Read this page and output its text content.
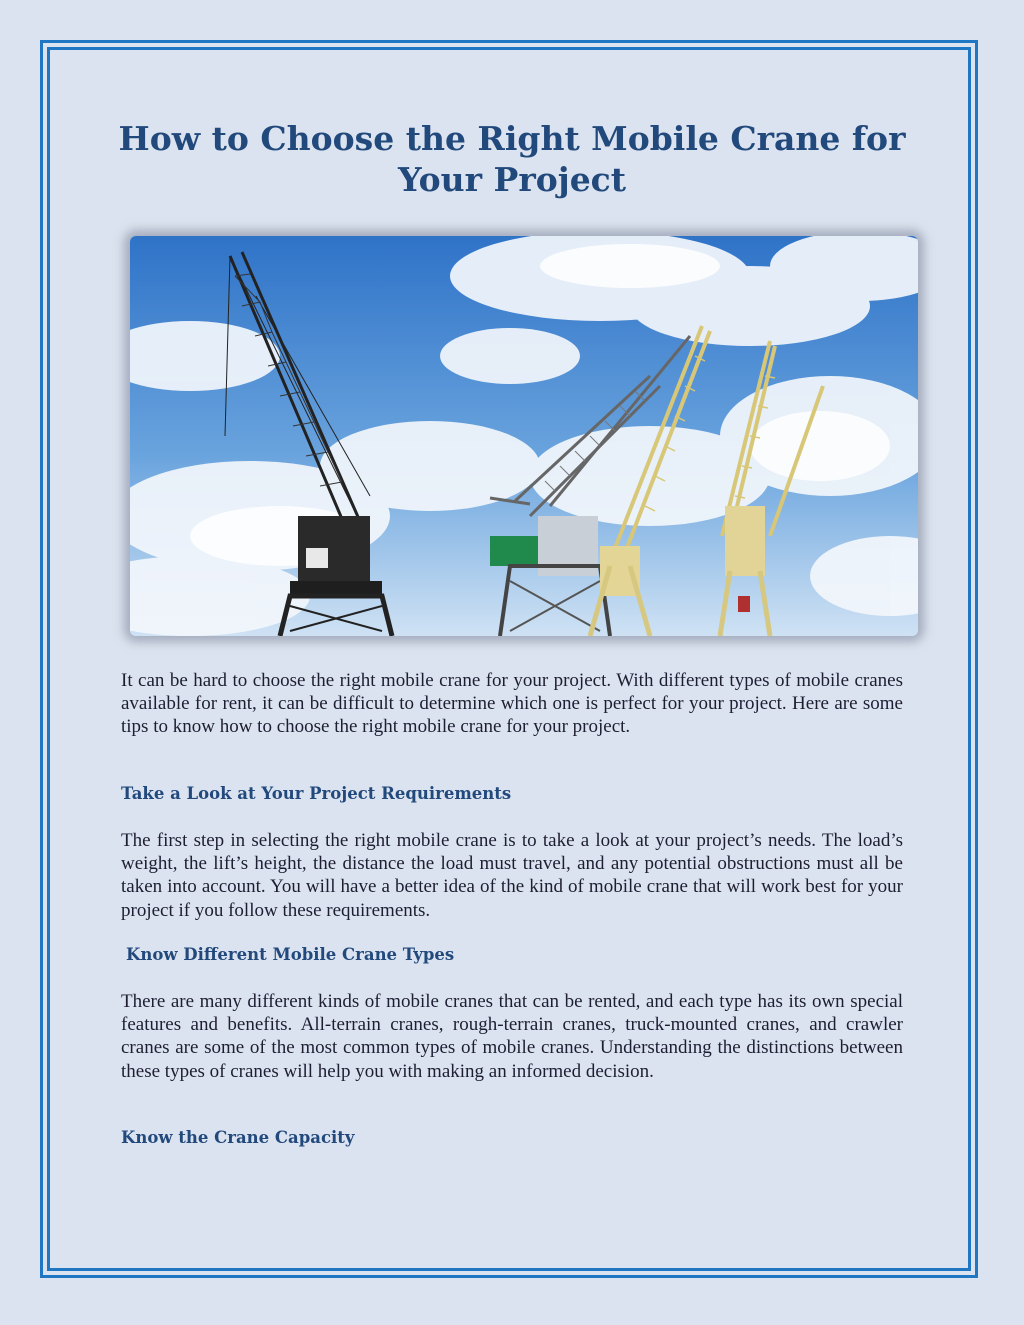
How to Choose the Right Mobile Crane for Your Project

It can be hard to choose the right mobile crane for your project. With different types of mobile cranes available for rent, it can be difficult to determine which one is perfect for your project. Here are some tips to know how to choose the right mobile crane for your project.

Take a Look at Your Project Requirements

The first step in selecting the right mobile crane is to take a look at your project’s needs. The load’s weight, the lift’s height, the distance the load must travel, and any potential obstructions must all be taken into account. You will have a better idea of the kind of mobile crane that will work best for your project if you follow these requirements.

Know Different Mobile Crane Types

There are many different kinds of mobile cranes that can be rented, and each type has its own special features and benefits. All-terrain cranes, rough-terrain cranes, truck-mounted cranes, and crawler cranes are some of the most common types of mobile cranes. Understanding the distinctions between these types of cranes will help you with making an informed decision.

Know the Crane Capacity
